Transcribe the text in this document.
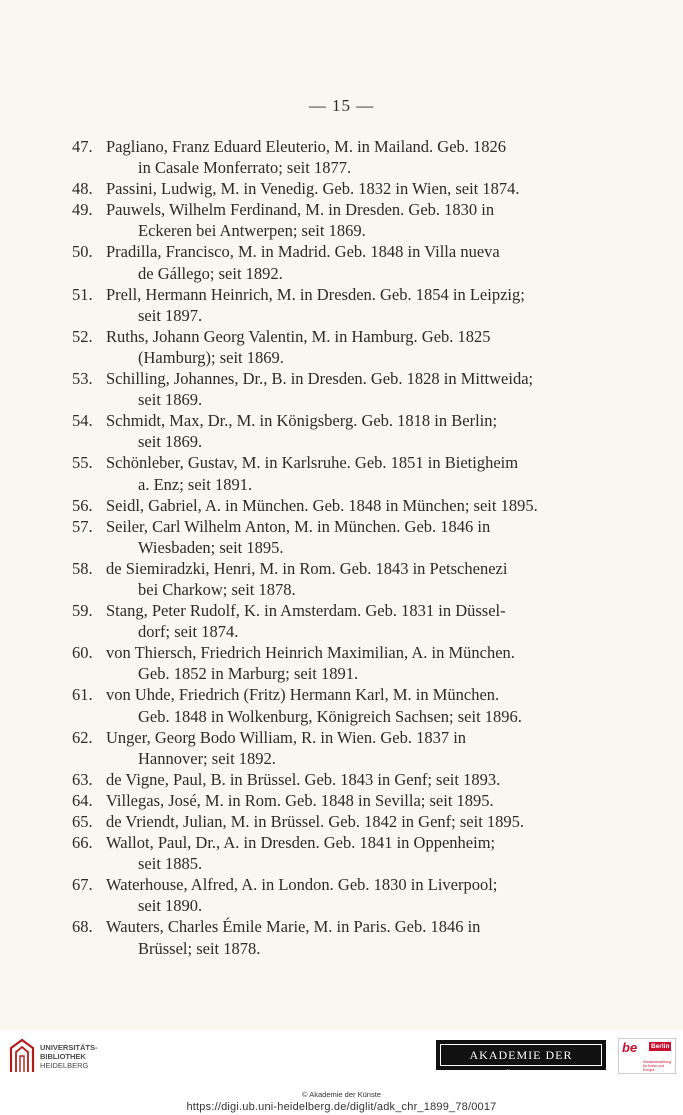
— 15 —
47. Pagliano, Franz Eduard Eleuterio, M. in Mailand. Geb. 1826
in Casale Monferrato; seit 1877.
48. Passini, Ludwig, M. in Venedig. Geb. 1832 in Wien, seit 1874.
49. Pauwels, Wilhelm Ferdinand, M. in Dresden. Geb. 1830 in
Eckeren bei Antwerpen; seit 1869.
50. Pradilla, Francisco, M. in Madrid. Geb. 1848 in Villa nueva
de Gállego; seit 1892.
51. Prell, Hermann Heinrich, M. in Dresden. Geb. 1854 in Leipzig;
seit 1897.
52. Ruths, Johann Georg Valentin, M. in Hamburg. Geb. 1825
(Hamburg); seit 1869.
53. Schilling, Johannes, Dr., B. in Dresden. Geb. 1828 in Mittweida;
seit 1869.
54. Schmidt, Max, Dr., M. in Königsberg. Geb. 1818 in Berlin;
seit 1869.
55. Schönleber, Gustav, M. in Karlsruhe. Geb. 1851 in Bietigheim
a. Enz; seit 1891.
56. Seidl, Gabriel, A. in München. Geb. 1848 in München; seit 1895.
57. Seiler, Carl Wilhelm Anton, M. in München. Geb. 1846 in
Wiesbaden; seit 1895.
58. de Siemiradzki, Henri, M. in Rom. Geb. 1843 in Petschenezi
bei Charkow; seit 1878.
59. Stang, Peter Rudolf, K. in Amsterdam. Geb. 1831 in Düssel-
dorf; seit 1874.
60. von Thiersch, Friedrich Heinrich Maximilian, A. in München.
Geb. 1852 in Marburg; seit 1891.
61. von Uhde, Friedrich (Fritz) Hermann Karl, M. in München.
Geb. 1848 in Wolkenburg, Königreich Sachsen; seit 1896.
62. Unger, Georg Bodo William, R. in Wien. Geb. 1837 in
Hannover; seit 1892.
63. de Vigne, Paul, B. in Brüssel. Geb. 1843 in Genf; seit 1893.
64. Villegas, José, M. in Rom. Geb. 1848 in Sevilla; seit 1895.
65. de Vriendt, Julian, M. in Brüssel. Geb. 1842 in Genf; seit 1895.
66. Wallot, Paul, Dr., A. in Dresden. Geb. 1841 in Oppenheim;
seit 1885.
67. Waterhouse, Alfred, A. in London. Geb. 1830 in Liverpool;
seit 1890.
68. Wauters, Charles Émile Marie, M. in Paris. Geb. 1846 in
Brüssel; seit 1878.
UNIVERSITÄTS-
BIBLIOTHEK
HEIDELBERG
AKADEMIE DER KÜNSTE
be	Berlin
Senatsverwaltung für Kultur und Europa
© Akademie der Künste
https://digi.ub.uni-heidelberg.de/diglit/adk_chr_1899_78/0017
